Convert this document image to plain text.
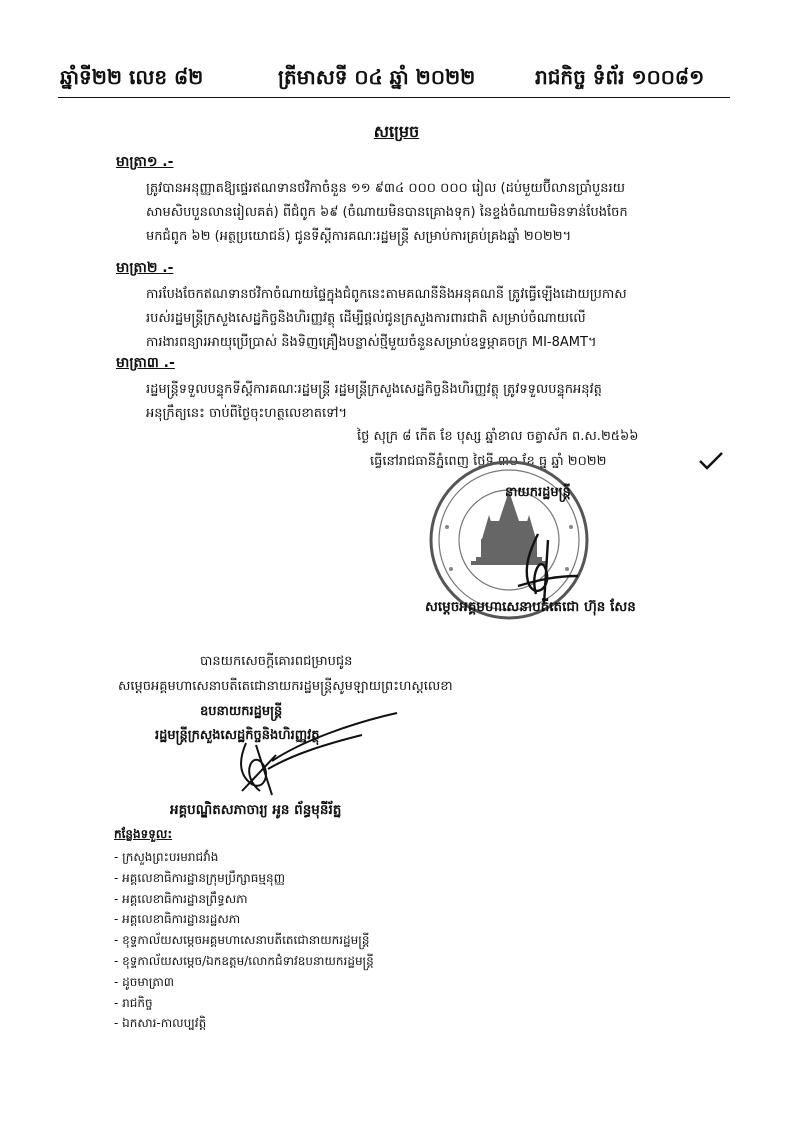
ឆ្នាំទី២២ លេខ ៨២	ត្រីមាសទី ០៤ ឆ្នាំ ២០២២	រាជកិច្ច ទំព័រ ១០០៨១
សម្រេច
មាត្រា១ .-
ត្រូវបានអនុញ្ញាតឱ្យផ្ទេរឥណទានថវិកាចំនួន ១១ ៩៣៤ ០០០ ០០០ រៀល (ដប់មួយប៊ីលានប្រាំបួនរយ
សាមសិបបួនលានរៀលគត់) ពីជំពូក ៦៩ (ចំណាយមិនបានគ្រោងទុក) នៃខ្ទង់ចំណាយមិនទាន់បែងចែក
មកជំពូក ៦២ (អត្ថប្រយោជន៍) ជូនទីស្ដីការគណៈរដ្ឋមន្ត្រី សម្រាប់ការគ្រប់គ្រងឆ្នាំ ២០២២។
មាត្រា២ .-
ការបែងចែកឥណទានថវិកាចំណាយផ្ទៃក្នុងជំពូកនេះតាមគណនីនិងអនុគណនី ត្រូវធ្វើឡើងដោយប្រកាស
របស់រដ្ឋមន្ត្រីក្រសួងសេដ្ឋកិច្ចនិងហិរញ្ញវត្ថុ ដើម្បីផ្ដល់ជូនក្រសួងការពារជាតិ សម្រាប់ចំណាយលើ
ការងារពន្យារអាយុប្រើប្រាស់ និងទិញគ្រឿងបន្លាស់ថ្មីមួយចំនួនសម្រាប់ឧទ្ធម្ភាគចក្រ MI-8AMT។
មាត្រា៣ .-
រដ្ឋមន្ត្រីទទួលបន្ទុកទីស្ដីការគណៈរដ្ឋមន្ត្រី រដ្ឋមន្ត្រីក្រសួងសេដ្ឋកិច្ចនិងហិរញ្ញវត្ថុ ត្រូវទទួលបន្ទុកអនុវត្ត
អនុក្រឹត្យនេះ ចាប់ពីថ្ងៃចុះហត្ថលេខាតទៅ។
ថ្ងៃ សុក្រ ៨ កើត ខែ បុស្ស ឆ្នាំខាល ចត្វាស័ក ព.ស.២៥៦៦
ធ្វើនៅរាជធានីភ្នំពេញ ថ្ងៃទី ៣០ ខែ ធ្នូ ឆ្នាំ ២០២២
នាយករដ្ឋមន្ត្រី
សម្ដេចអគ្គមហាសេនាបតីតេជោ ហ៊ុន សែន
បានយកសេចក្ដីគោរពជម្រាបជូន
សម្ដេចអគ្គមហាសេនាបតីតេជោនាយករដ្ឋមន្ត្រីសូមឡាយព្រះហស្តលេខា
ឧបនាយករដ្ឋមន្ត្រី
រដ្ឋមន្ត្រីក្រសួងសេដ្ឋកិច្ចនិងហិរញ្ញវត្ថុ
អគ្គបណ្ឌិតសភាចារ្យ អូន ព័ន្ធមុនីរ័ត្ន
កន្លែងទទួល:
- ក្រសួងព្រះបរមរាជវាំង
- អគ្គលេខាធិការដ្ឋានក្រុមប្រឹក្សាធម្មនុញ្ញ
- អគ្គលេខាធិការដ្ឋានព្រឹទ្ធសភា
- អគ្គលេខាធិការដ្ឋានរដ្ឋសភា
- ខុទ្ទកាល័យសម្ដេចអគ្គមហាសេនាបតីតេជោនាយករដ្ឋមន្ត្រី
- ខុទ្ទកាល័យសម្ដេច/ឯកឧត្ដម/លោកជំទាវឧបនាយករដ្ឋមន្ត្រី
- ដូចមាត្រា៣
- រាជកិច្ច
- ឯកសារ-កាលប្បវត្តិ
